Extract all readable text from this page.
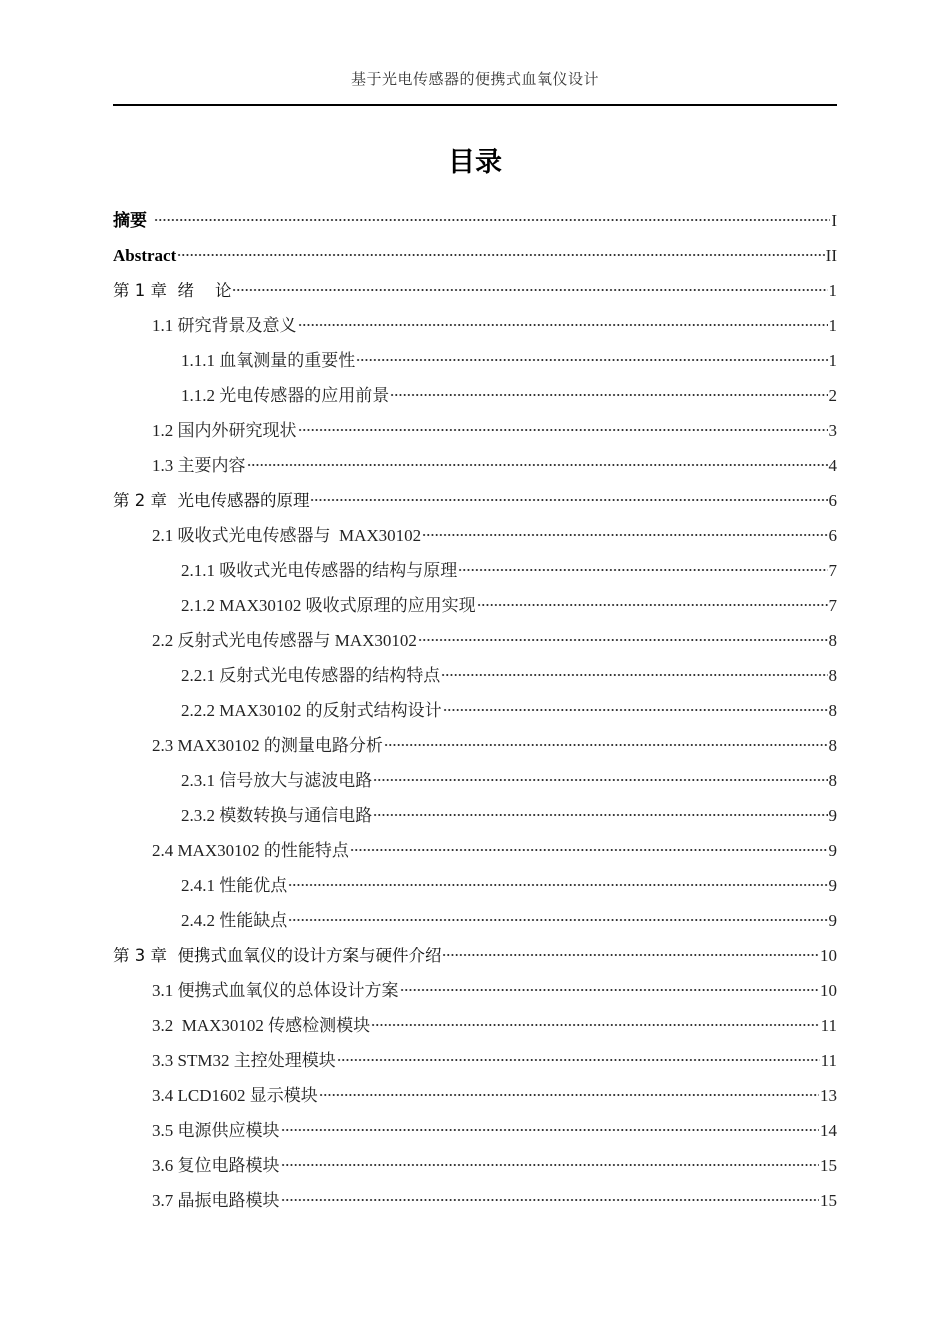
基于光电传感器的便携式血氧仪设计
目录
摘要	I
Abstract	II
第 1 章  绪    论	1
1.1 研究背景及意义	1
1.1.1 血氧测量的重要性	1
1.1.2 光电传感器的应用前景	2
1.2 国内外研究现状	3
1.3 主要内容	4
第 2 章  光电传感器的原理	6
2.1 吸收式光电传感器与  MAX30102	6
2.1.1 吸收式光电传感器的结构与原理	7
2.1.2 MAX30102 吸收式原理的应用实现	7
2.2 反射式光电传感器与 MAX30102	8
2.2.1 反射式光电传感器的结构特点	8
2.2.2 MAX30102 的反射式结构设计	8
2.3 MAX30102 的测量电路分析	8
2.3.1 信号放大与滤波电路	8
2.3.2 模数转换与通信电路	9
2.4 MAX30102 的性能特点	9
2.4.1 性能优点	9
2.4.2 性能缺点	9
第 3 章  便携式血氧仪的设计方案与硬件介绍	10
3.1 便携式血氧仪的总体设计方案	10
3.2  MAX30102 传感检测模块	11
3.3 STM32 主控处理模块	11
3.4 LCD1602 显示模块	13
3.5 电源供应模块	14
3.6 复位电路模块	15
3.7 晶振电路模块	15
